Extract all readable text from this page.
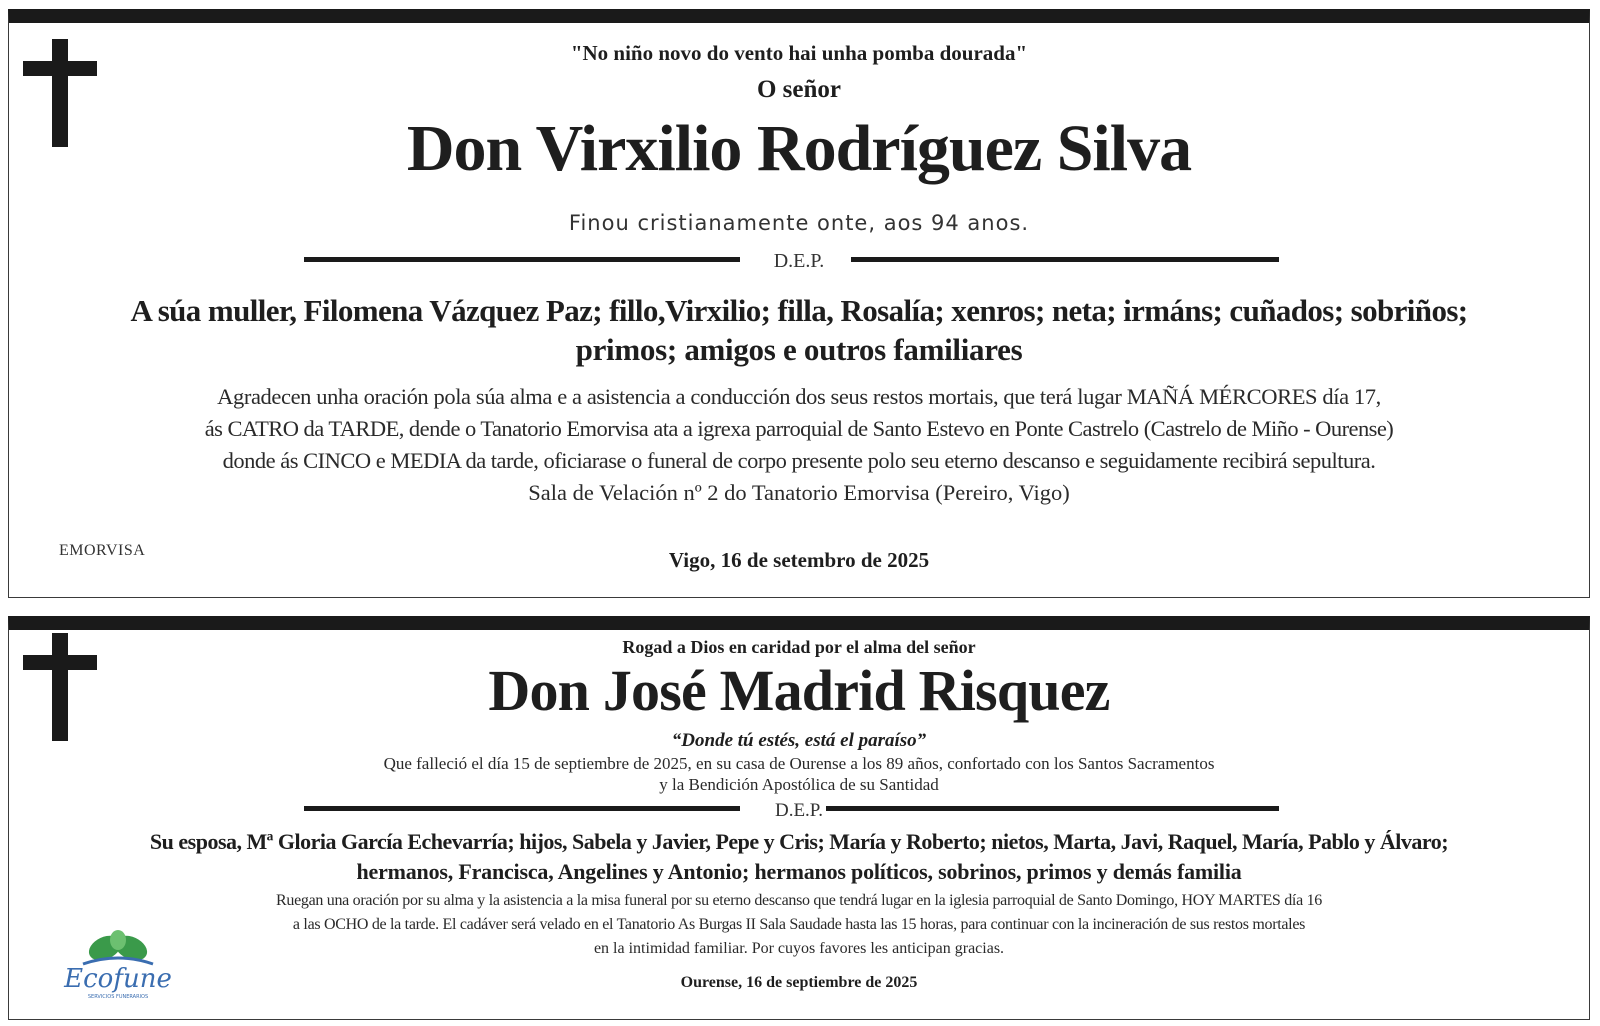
"No niño novo do vento hai unha pomba dourada"
O señor
Don Virxilio Rodríguez Silva
Finou cristianamente onte, aos 94 anos.
D.E.P.
A súa muller, Filomena Vázquez Paz; fillo,Virxilio; filla, Rosalía; xenros; neta; irmáns; cuñados; sobriños;
primos; amigos e outros familiares
Agradecen unha oración pola súa alma e a asistencia a conducción dos seus restos mortais, que terá lugar MAÑÁ MÉRCORES día 17,
ás CATRO da TARDE, dende o Tanatorio Emorvisa ata a igrexa parroquial de Santo Estevo en Ponte Castrelo (Castrelo de Miño - Ourense)
donde ás CINCO e MEDIA da tarde, oficiarase o funeral de corpo presente polo seu eterno descanso e seguidamente recibirá sepultura.
Sala de Velación nº 2 do Tanatorio Emorvisa (Pereiro, Vigo)
EMORVISA	Vigo, 16 de setembro de 2025
Rogad a Dios en caridad por el alma del señor
Don José Madrid Risquez
“Donde tú estés, está el paraíso”
Que falleció el día 15 de septiembre de 2025, en su casa de Ourense a los 89 años, confortado con los Santos Sacramentos
y la Bendición Apostólica de su Santidad
D.E.P.
Su esposa, Mª Gloria García Echevarría; hijos, Sabela y Javier, Pepe y Cris; María y Roberto; nietos, Marta, Javi, Raquel, María, Pablo y Álvaro;
hermanos, Francisca, Angelines y Antonio; hermanos políticos, sobrinos, primos y demás familia
Ruegan una oración por su alma y la asistencia a la misa funeral por su eterno descanso que tendrá lugar en la iglesia parroquial de Santo Domingo, HOY MARTES día 16
a las OCHO de la tarde. El cadáver será velado en el Tanatorio As Burgas II Sala Saudade hasta las 15 horas, para continuar con la incineración de sus restos mortales
en la intimidad familiar. Por cuyos favores les anticipan gracias.
Ecofune
SERVICIOS FUNERARIOS
Ourense, 16 de septiembre de 2025
